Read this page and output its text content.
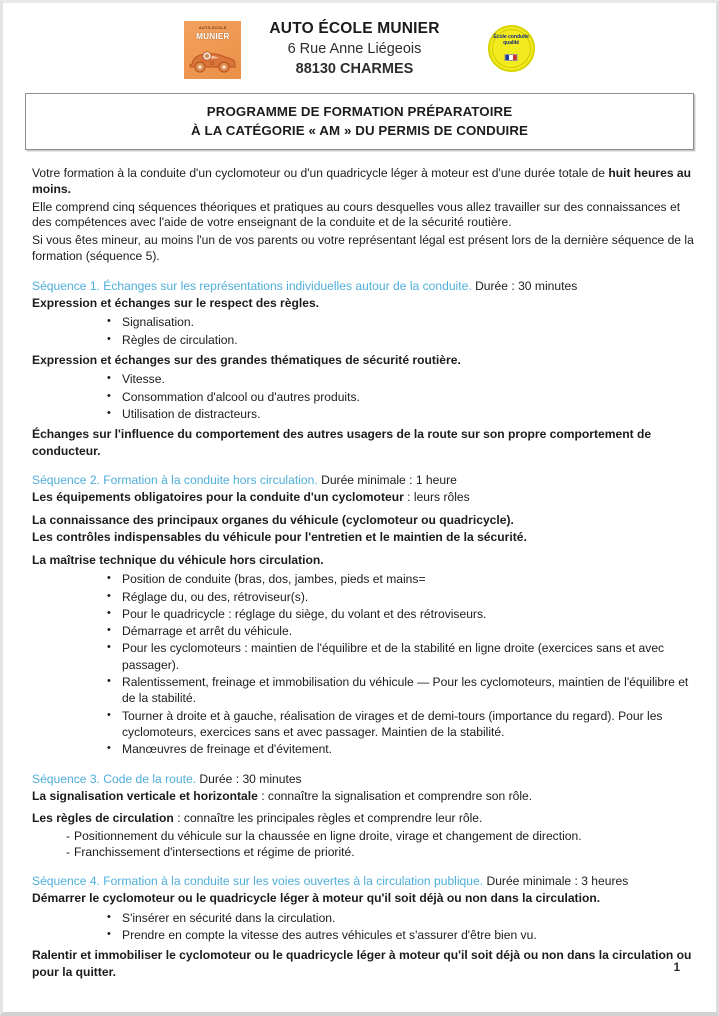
AUTO-ECOLE
MUNIER	AUTO ÉCOLE MUNIER
6 Rue Anne Liégeois
88130 CHARMES
École conduite qualité
PROGRAMME DE FORMATION PRÉPARATOIRE
À LA CATÉGORIE « AM » DU PERMIS DE CONDUIRE

Votre formation à la conduite d'un cyclomoteur ou d'un quadricycle léger à moteur est d'une durée totale de huit heures au moins.

Elle comprend cinq séquences théoriques et pratiques au cours desquelles vous allez travailler sur des connaissances et des compétences avec l'aide de votre enseignant de la conduite et de la sécurité routière.

Si vous êtes mineur, au moins l'un de vos parents ou votre représentant légal est présent lors de la dernière séquence de la formation (séquence 5).

Séquence 1. Échanges sur les représentations individuelles autour de la conduite. Durée : 30 minutes
Expression et échanges sur le respect des règles.
• Signalisation.
• Règles de circulation.
Expression et échanges sur des grandes thématiques de sécurité routière.
• Vitesse.
• Consommation d'alcool ou d'autres produits.
• Utilisation de distracteurs.
Échanges sur l'influence du comportement des autres usagers de la route sur son propre comportement de conducteur.
Séquence 2. Formation à la conduite hors circulation. Durée minimale : 1 heure
Les équipements obligatoires pour la conduite d'un cyclomoteur : leurs rôles
La connaissance des principaux organes du véhicule (cyclomoteur ou quadricycle).
Les contrôles indispensables du véhicule pour l'entretien et le maintien de la sécurité.
La maîtrise technique du véhicule hors circulation.
• Position de conduite (bras, dos, jambes, pieds et mains=
• Réglage du, ou des, rétroviseur(s).
• Pour le quadricycle : réglage du siège, du volant et des rétroviseurs.
• Démarrage et arrêt du véhicule.
• Pour les cyclomoteurs : maintien de l'équilibre et de la stabilité en ligne droite (exercices sans et avec passager).
• Ralentissement, freinage et immobilisation du véhicule — Pour les cyclomoteurs, maintien de l'équilibre et de la stabilité.
• Tourner à droite et à gauche, réalisation de virages et de demi-tours (importance du regard). Pour les cyclomoteurs, exercices sans et avec passager. Maintien de la stabilité.
• Manœuvres de freinage et d'évitement.
Séquence 3. Code de la route. Durée : 30 minutes
La signalisation verticale et horizontale : connaître la signalisation et comprendre son rôle.
Les règles de circulation : connaître les principales règles et comprendre leur rôle.
- Positionnement du véhicule sur la chaussée en ligne droite, virage et changement de direction.
- Franchissement d'intersections et régime de priorité.
Séquence 4. Formation à la conduite sur les voies ouvertes à la circulation publique. Durée minimale : 3 heures
Démarrer le cyclomoteur ou le quadricycle léger à moteur qu'il soit déjà ou non dans la circulation.
• S'insérer en sécurité dans la circulation.
• Prendre en compte la vitesse des autres véhicules et s'assurer d'être bien vu.
Ralentir et immobiliser le cyclomoteur ou le quadricycle léger à moteur qu'il soit déjà ou non dans la circulation ou pour la quitter.	1
